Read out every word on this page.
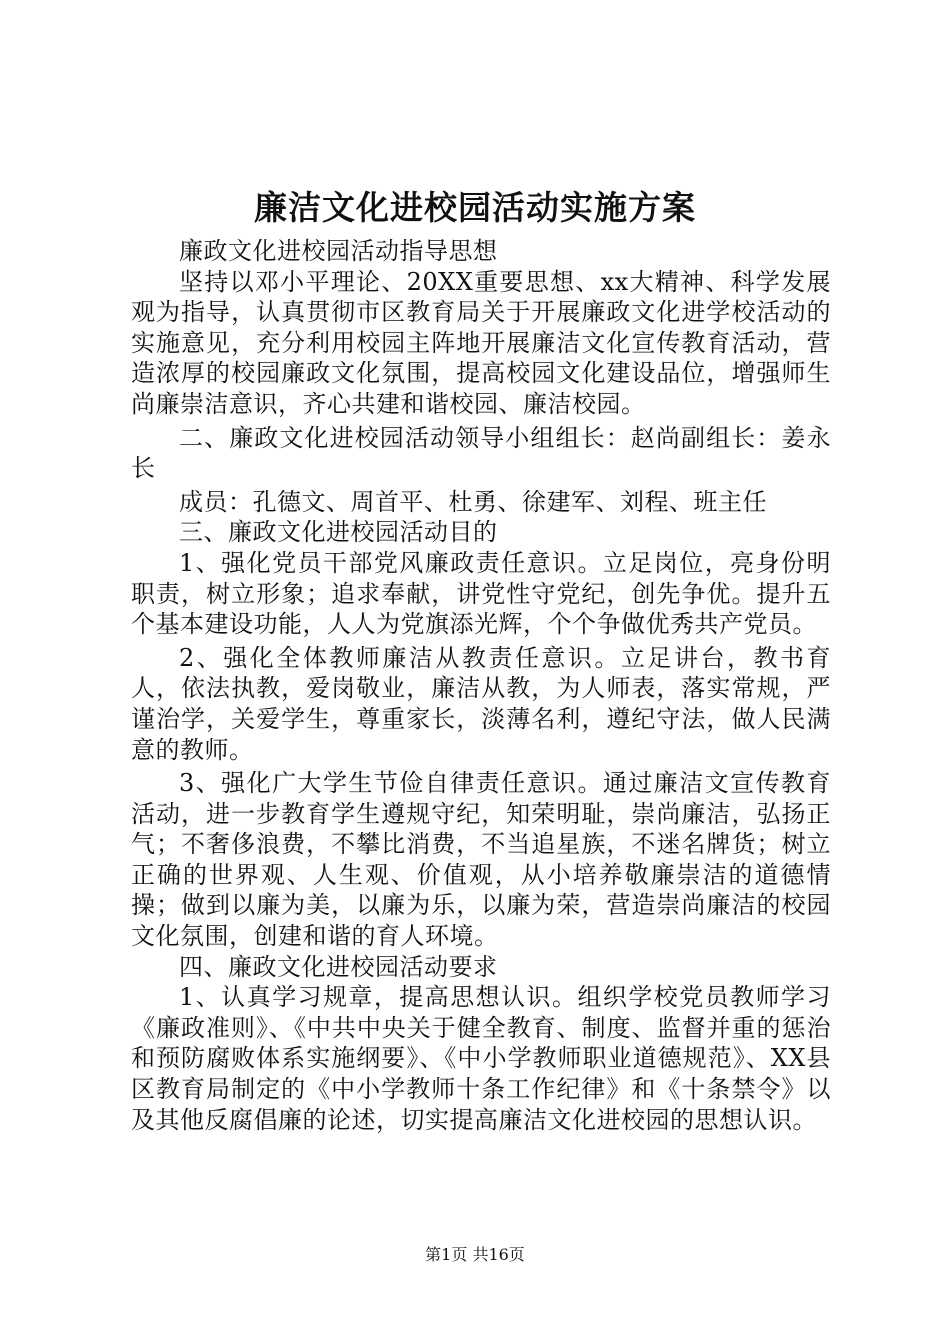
廉洁文化进校园活动实施方案

廉政文化进校园活动指导思想

坚持以邓小平理论、20XX重要思想、xx大精神、科学发展观为指导，认真贯彻市区教育局关于开展廉政文化进学校活动的实施意见，充分利用校园主阵地开展廉洁文化宣传教育活动，营造浓厚的校园廉政文化氛围，提高校园文化建设品位，增强师生尚廉崇洁意识，齐心共建和谐校园、廉洁校园。

二、廉政文化进校园活动领导小组组长：赵尚副组长：姜永长

成员：孔德文、周首平、杜勇、徐建军、刘程、班主任

三、廉政文化进校园活动目的

1、强化党员干部党风廉政责任意识。立足岗位，亮身份明职责，树立形象；追求奉献，讲党性守党纪，创先争优。提升五个基本建设功能，人人为党旗添光辉，个个争做优秀共产党员。

2、强化全体教师廉洁从教责任意识。立足讲台，教书育人，依法执教，爱岗敬业，廉洁从教，为人师表，落实常规，严谨治学，关爱学生，尊重家长，淡薄名利，遵纪守法，做人民满意的教师。

3、强化广大学生节俭自律责任意识。通过廉洁文宣传教育活动，进一步教育学生遵规守纪，知荣明耻，崇尚廉洁，弘扬正气；不奢侈浪费，不攀比消费，不当追星族，不迷名牌货；树立正确的世界观、人生观、价值观，从小培养敬廉崇洁的道德情操；做到以廉为美，以廉为乐，以廉为荣，营造崇尚廉洁的校园文化氛围，创建和谐的育人环境。

四、廉政文化进校园活动要求

1、认真学习规章，提高思想认识。组织学校党员教师学习《廉政准则》、《中共中央关于健全教育、制度、监督并重的惩治和预防腐败体系实施纲要》、《中小学教师职业道德规范》、XX县区教育局制定的《中小学教师十条工作纪律》和《十条禁令》以及其他反腐倡廉的论述，切实提高廉洁文化进校园的思想认识。

第1页 共16页
